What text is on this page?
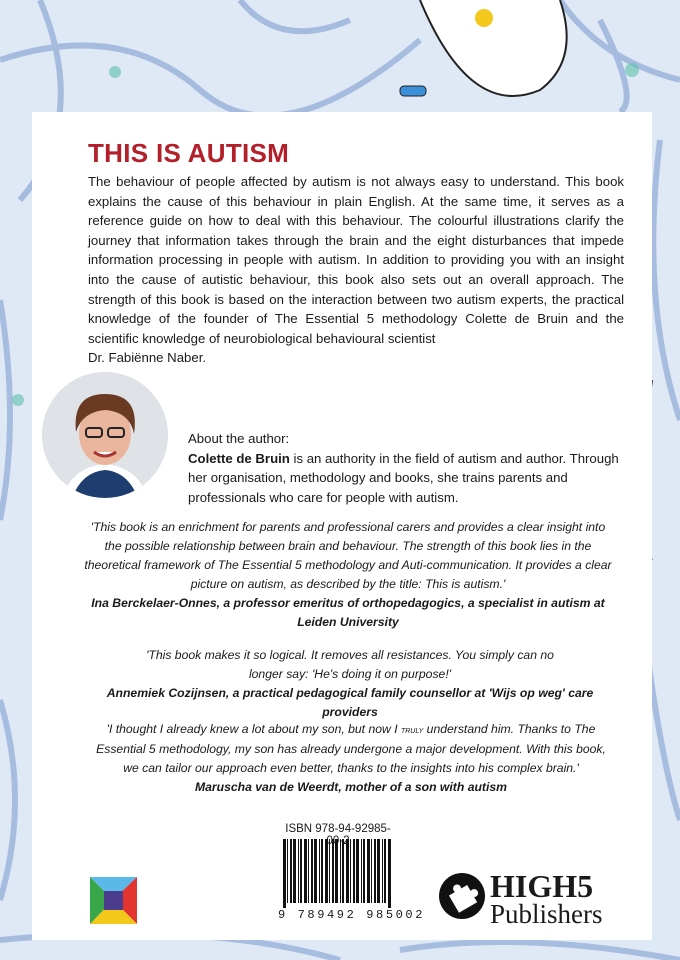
THIS IS AUTISM
The behaviour of people affected by autism is not always easy to understand. This book explains the cause of this behaviour in plain English. At the same time, it serves as a reference guide on how to deal with this behaviour. The colourful illustrations clarify the journey that information takes through the brain and the eight disturbances that impede information processing in people with autism. In addition to providing you with an insight into the cause of autistic behaviour, this book also sets out an overall approach. The strength of this book is based on the interaction between two autism experts, the practical knowledge of the founder of The Essential 5 methodology Colette de Bruin and the scientific knowledge of neurobiological behavioural scientist
Dr. Fabiënne Naber.
About the author:
Colette de Bruin is an authority in the field of autism and author. Through her organisation, methodology and books, she trains parents and professionals who care for people with autism.
'This book is an enrichment for parents and professional carers and provides a clear insight into the possible relationship between brain and behaviour. The strength of this book lies in the theoretical framework of The Essential 5 methodology and Auti-communication. It provides a clear picture on autism, as described by the title: This is autism.'
Ina Berckelaer-Onnes, a professor emeritus of orthopedagogics, a specialist in autism at Leiden University
'This book makes it so logical. It removes all resistances. You simply can no longer say: 'He's doing it on purpose!'
Annemiek Cozijnsen, a practical pedagogical family counsellor at 'Wijs op weg' care providers
'I thought I already knew a lot about my son, but now I truly understand him. Thanks to The Essential 5 methodology, my son has already undergone a major development. With this book, we can tailor our approach even better, thanks to the insights into his complex brain.'
Maruscha van de Weerdt, mother of a son with autism
ISBN 978-94-92985-00-2
9 789492 985002
HIGH5
Publishers
